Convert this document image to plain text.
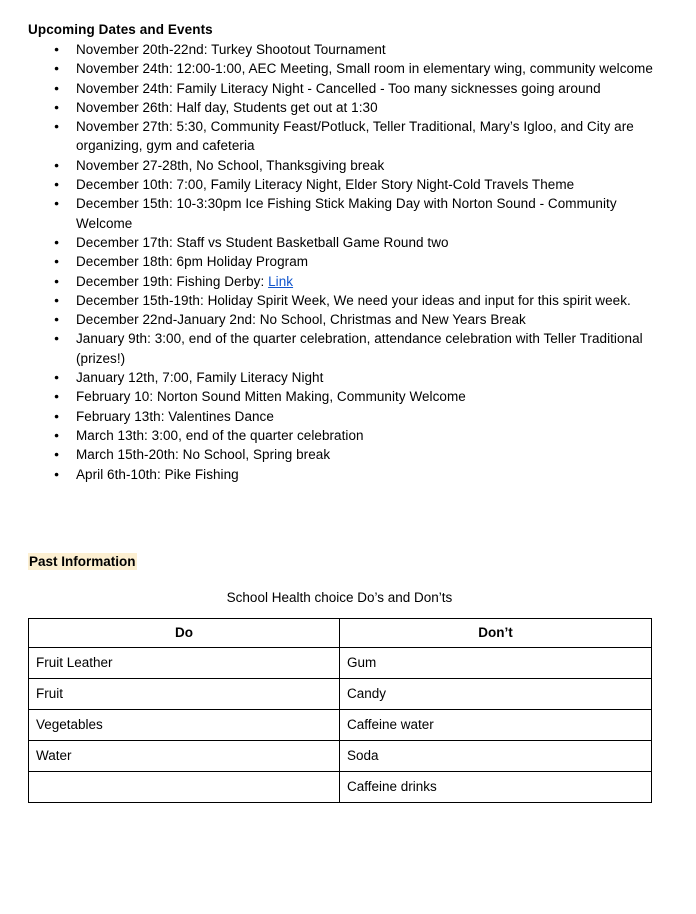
Upcoming Dates and Events
● November 20th-22nd: Turkey Shootout Tournament
● November 24th: 12:00-1:00, AEC Meeting, Small room in elementary wing, community welcome
● November 24th: Family Literacy Night - Cancelled - Too many sicknesses going around
● November 26th: Half day, Students get out at 1:30
● November 27th: 5:30, Community Feast/Potluck, Teller Traditional, Mary’s Igloo, and City are organizing, gym and cafeteria
● November 27-28th, No School, Thanksgiving break
● December 10th: 7:00, Family Literacy Night, Elder Story Night-Cold Travels Theme
● December 15th: 10-3:30pm Ice Fishing Stick Making Day with Norton Sound - Community Welcome
● December 17th: Staff vs Student Basketball Game Round two
● December 18th: 6pm Holiday Program
● December 19th: Fishing Derby: Link
● December 15th-19th: Holiday Spirit Week, We need your ideas and input for this spirit week.
● December 22nd-January 2nd: No School, Christmas and New Years Break
● January 9th: 3:00, end of the quarter celebration, attendance celebration with Teller Traditional (prizes!)
● January 12th, 7:00, Family Literacy Night
● February 10: Norton Sound Mitten Making, Community Welcome
● February 13th: Valentines Dance
● March 13th: 3:00, end of the quarter celebration
● March 15th-20th: No School, Spring break
● April 6th-10th: Pike Fishing
Past Information
School Health choice Do’s and Don’ts
Do	Don’t
Fruit Leather	Gum
Fruit	Candy
Vegetables	Caffeine water
Water	Soda
	Caffeine drinks
